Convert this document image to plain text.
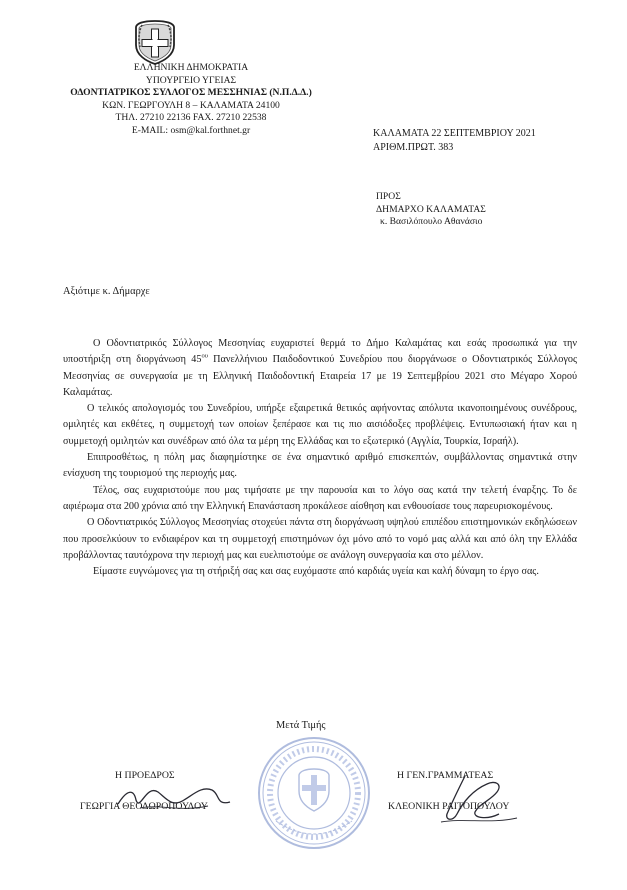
ΕΛΛΗΝΙΚΗ ΔΗΜΟΚΡΑΤΙΑ
ΥΠΟΥΡΓΕΙΟ ΥΓΕΙΑΣ
ΟΔΟΝΤΙΑΤΡΙΚΟΣ ΣΥΛΛΟΓΟΣ ΜΕΣΣΗΝΙΑΣ (Ν.Π.Δ.Δ.)
ΚΩΝ. ΓΕΩΡΓΟΥΛΗ 8 – ΚΑΛΑΜΑΤΑ 24100
ΤΗΛ. 27210 22136 FAX. 27210 22538
E-MAIL: osm@kal.forthnet.gr	ΚΑΛΑΜΑΤΑ 22 ΣΕΠΤΕΜΒΡΙΟΥ 2021
ΑΡΙΘΜ.ΠΡΩΤ. 383
ΠΡΟΣ
ΔΗΜΑΡΧΟ ΚΑΛΑΜΑΤΑΣ
κ. Βασιλόπουλο Αθανάσιο
Αξιότιμε κ. Δήμαρχε

Ο Οδοντιατρικός Σύλλογος Μεσσηνίας ευχαριστεί θερμά το Δήμο Καλαμάτας και εσάς προσωπικά για την υποστήριξη στη διοργάνωση $45^{o\upsilon}$ Πανελλήνιου Παιδοδοντικού Συνεδρίου που διοργάνωσε ο Οδοντιατρικός Σύλλογος Μεσσηνίας σε συνεργασία με τη Ελληνική Παιδοδοντική Εταιρεία 17 με 19 Σεπτεμβρίου 2021 στο Μέγαρο Χορού Καλαμάτας.

Ο τελικός απολογισμός του Συνεδρίου, υπήρξε εξαιρετικά θετικός αφήνοντας απόλυτα ικανοποιημένους συνέδρους, ομιλητές και εκθέτες, η συμμετοχή των οποίων ξεπέρασε και τις πιο αισιόδοξες προβλέψεις. Εντυπωσιακή ήταν και η συμμετοχή ομιλητών και συνέδρων από όλα τα μέρη της Ελλάδας και το εξωτερικό (Αγγλία, Τουρκία, Ισραήλ).

Επιπροσθέτως, η πόλη μας διαφημίστηκε σε ένα σημαντικό αριθμό επισκεπτών, συμβάλλοντας σημαντικά στην ενίσχυση της τουρισμού της περιοχής μας.

Τέλος, σας ευχαριστούμε που μας τιμήσατε με την παρουσία και το λόγο σας κατά την τελετή έναρξης. Το δε αφιέρωμα στα 200 χρόνια από την Ελληνική Επανάσταση προκάλεσε αίσθηση και ενθουσίασε τους παρευρισκομένους.

Ο Οδοντιατρικός Σύλλογος Μεσσηνίας στοχεύει πάντα στη διοργάνωση υψηλού επιπέδου επιστημονικών εκδηλώσεων που προσελκύουν το ενδιαφέρον και τη συμμετοχή επιστημόνων όχι μόνο από το νομό μας αλλά και από όλη την Ελλάδα προβάλλοντας ταυτόχρονα την περιοχή μας και ευελπιστούμε σε ανάλογη συνεργασία και στο μέλλον.

Είμαστε ευγνώμονες για τη στήριξή σας και σας ευχόμαστε από καρδιάς υγεία και καλή δύναμη το έργο σας.

Μετά Τιμής
Η ΠΡΟΕΔΡΟΣ
ΓΕΩΡΓΙΑ ΘΕΟΔΩΡΟΠΟΥΛΟΥ
Η ΓΕΝ.ΓΡΑΜΜΑΤΕΑΣ
ΚΛΕΟΝΙΚΗ ΡΑΙΤΟΠΟΥΛΟΥ
